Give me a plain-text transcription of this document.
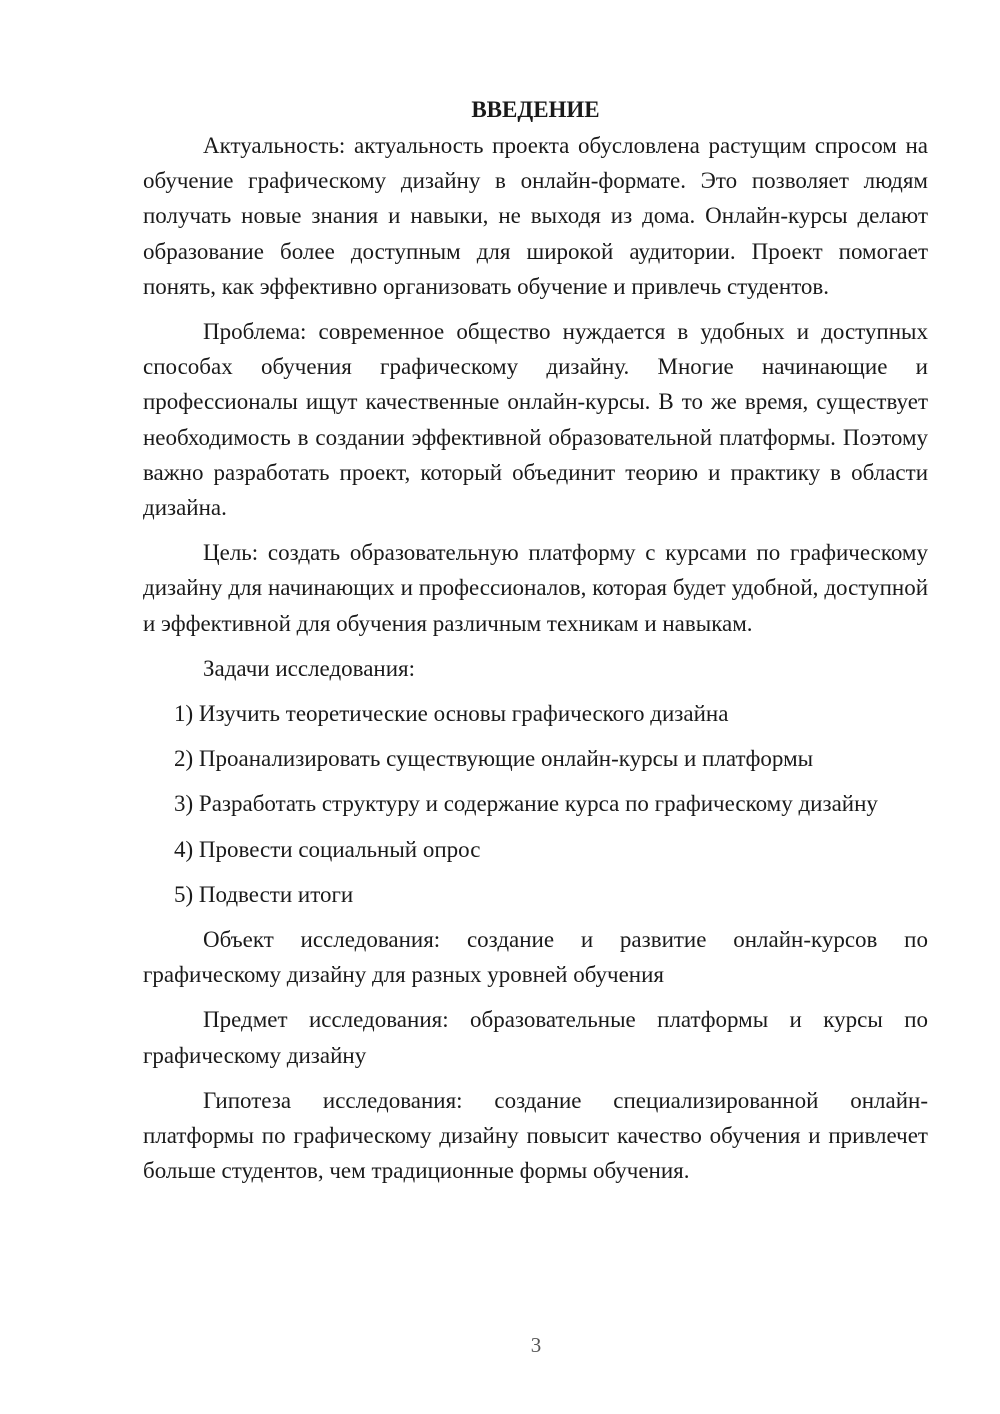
ВВЕДЕНИЕ

Актуальность: актуальность проекта обусловлена растущим спросом на обучение графическому дизайну в онлайн-формате. Это позволяет людям получать новые знания и навыки, не выходя из дома. Онлайн-курсы делают образование более доступным для широкой аудитории. Проект помогает понять, как эффективно организовать обучение и привлечь студентов.

Проблема: современное общество нуждается в удобных и доступных способах обучения графическому дизайну. Многие начинающие и профессионалы ищут качественные онлайн-курсы. В то же время, существует необходимость в создании эффективной образовательной платформы. Поэтому важно разработать проект, который объединит теорию и практику в области дизайна.

Цель: создать образовательную платформу с курсами по графическому дизайну для начинающих и профессионалов, которая будет удобной, доступной и эффективной для обучения различным техникам и навыкам.

Задачи исследования:

1) Изучить теоретические основы графического дизайна

2) Проанализировать существующие онлайн-курсы и платформы

3) Разработать структуру и содержание курса по графическому дизайну

4) Провести социальный опрос

5) Подвести итоги

Объект исследования: создание и развитие онлайн-курсов по графическому дизайну для разных уровней обучения

Предмет исследования: образовательные платформы и курсы по графическому дизайну

Гипотеза исследования: создание специализированной онлайн-платформы по графическому дизайну повысит качество обучения и привлечет больше студентов, чем традиционные формы обучения.

3
